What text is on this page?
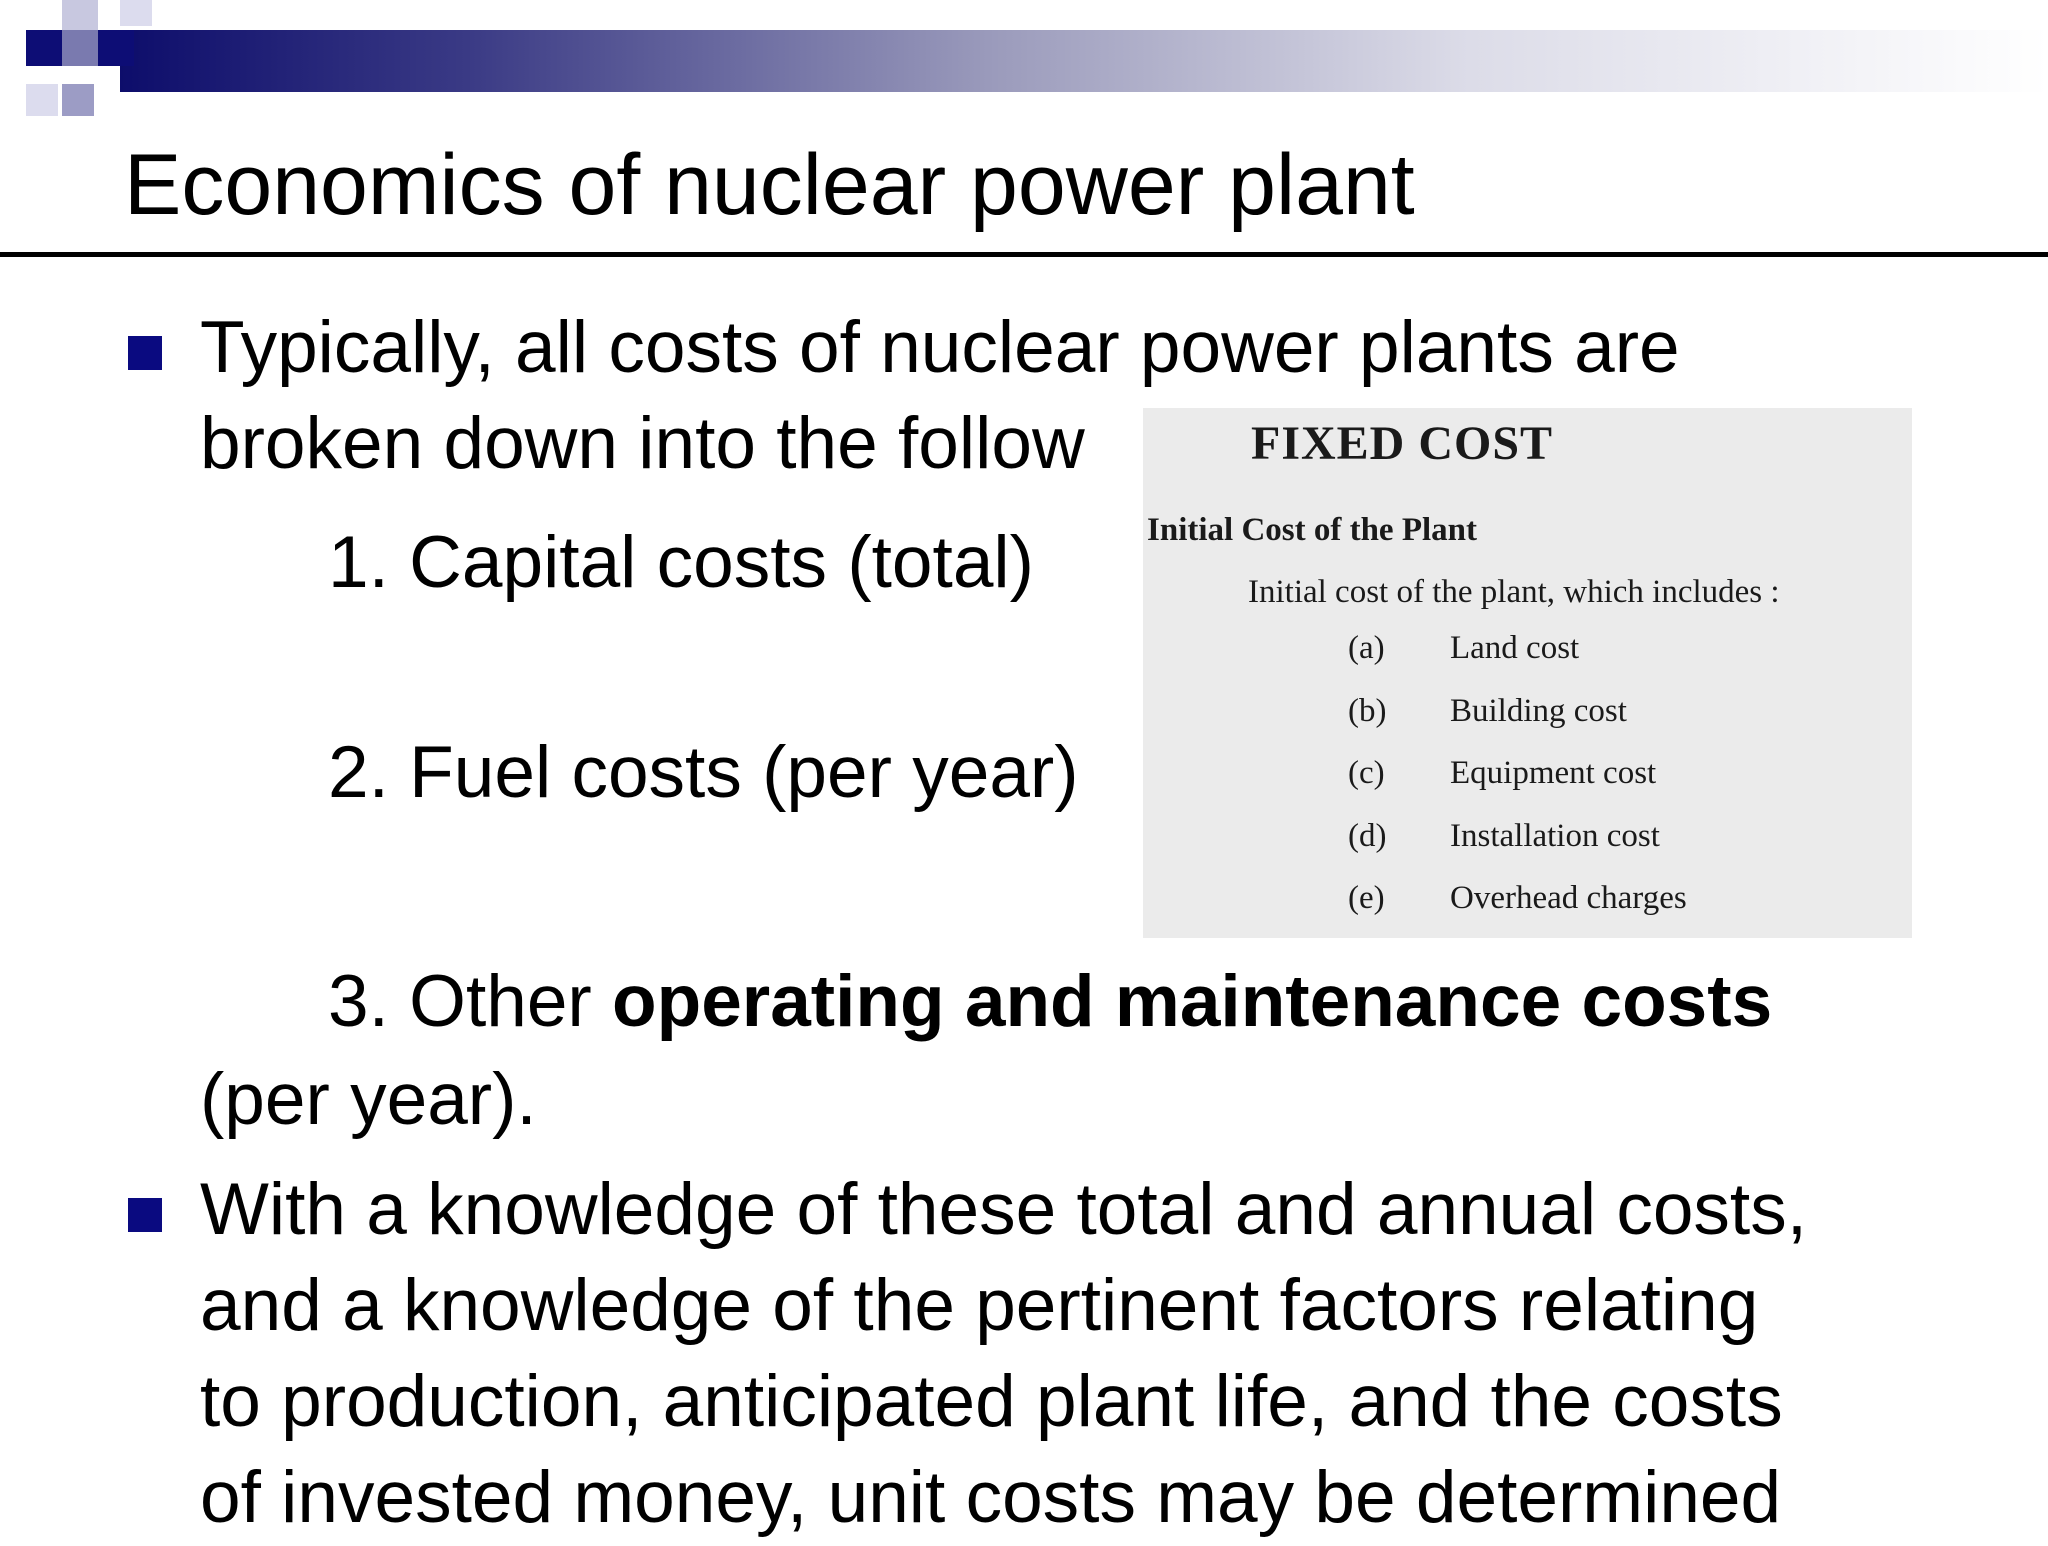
Economics of nuclear power plant

Typically, all costs of nuclear power plants are
broken down into the follow

1. Capital costs (total)

2. Fuel costs (per year)

3. Other operating and maintenance costs

(per year).

With a knowledge of these total and annual costs,
and a knowledge of the pertinent factors relating
to production, anticipated plant life, and the costs
of invested money, unit costs may be determined

FIXED COST
Initial Cost of the Plant
Initial cost of the plant, which includes :
(a)	Land cost
(b)	Building cost
(c)	Equipment cost
(d)	Installation cost
(e)	Overhead charges
